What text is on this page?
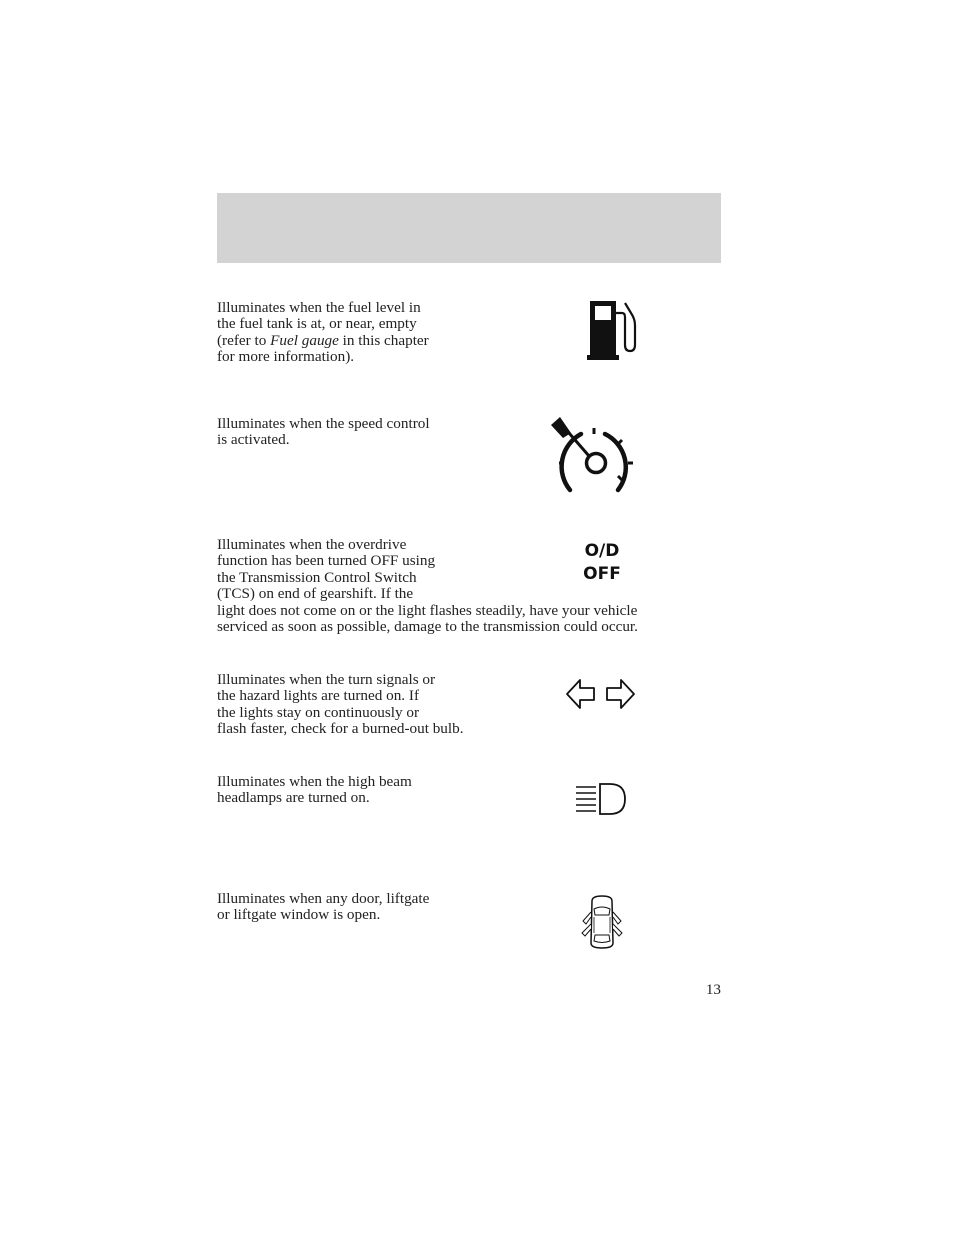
Illuminates when the fuel level in
the fuel tank is at, or near, empty
(refer to Fuel gauge in this chapter
for more information).

Illuminates when the speed control
is activated.

Illuminates when the overdrive
function has been turned OFF using
the Transmission Control Switch
(TCS) on end of gearshift. If the
light does not come on or the light flashes steadily, have your vehicle
serviced as soon as possible, damage to the transmission could occur.

O/D
OFF

Illuminates when the turn signals or
the hazard lights are turned on. If
the lights stay on continuously or
flash faster, check for a burned-out bulb.

Illuminates when the high beam
headlamps are turned on.

Illuminates when any door, liftgate
or liftgate window is open.

13
